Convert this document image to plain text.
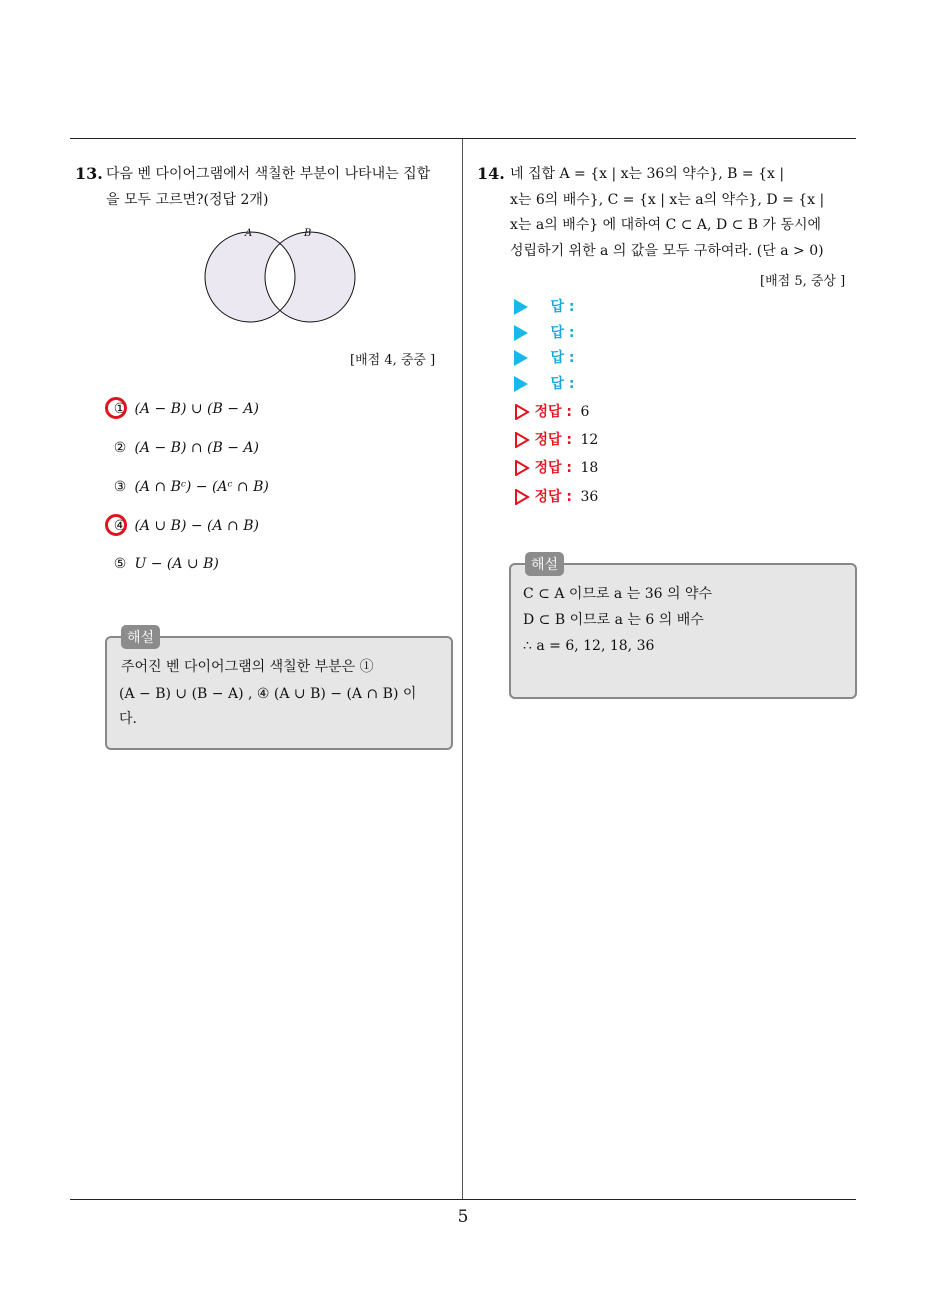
13. 다음 벤 다이어그램에서 색칠한 부분이 나타내는 집합
을 모두 고르면?(정답 2개)
A	B
[배점 4, 중중 ]
① (A − B) ∪ (B − A)
② (A − B) ∩ (B − A)
③ (A ∩ Bᶜ) − (Aᶜ ∩ B)
④ (A ∪ B) − (A ∩ B)
⑤ U − (A ∪ B)
해설
주어진 벤 다이어그램의 색칠한 부분은 ①
(A − B) ∪ (B − A) , ④ (A ∪ B) − (A ∩ B) 이
다.
14. 네 집합 A = {x | x는 36의 약수}, B = {x |
x는 6의 배수}, C = {x | x는 a의 약수}, D = {x |
x는 a의 배수} 에 대하여 C ⊂ A, D ⊂ B 가 동시에
성립하기 위한 a 의 값을 모두 구하여라. (단 a > 0)
[배점 5, 중상 ]
답 :
답 :
답 :
답 :
정답 : 6
정답 : 12
정답 : 18
정답 : 36
해설
C ⊂ A 이므로 a 는 36 의 약수
D ⊂ B 이므로 a 는 6 의 배수
∴ a = 6, 12, 18, 36
5
